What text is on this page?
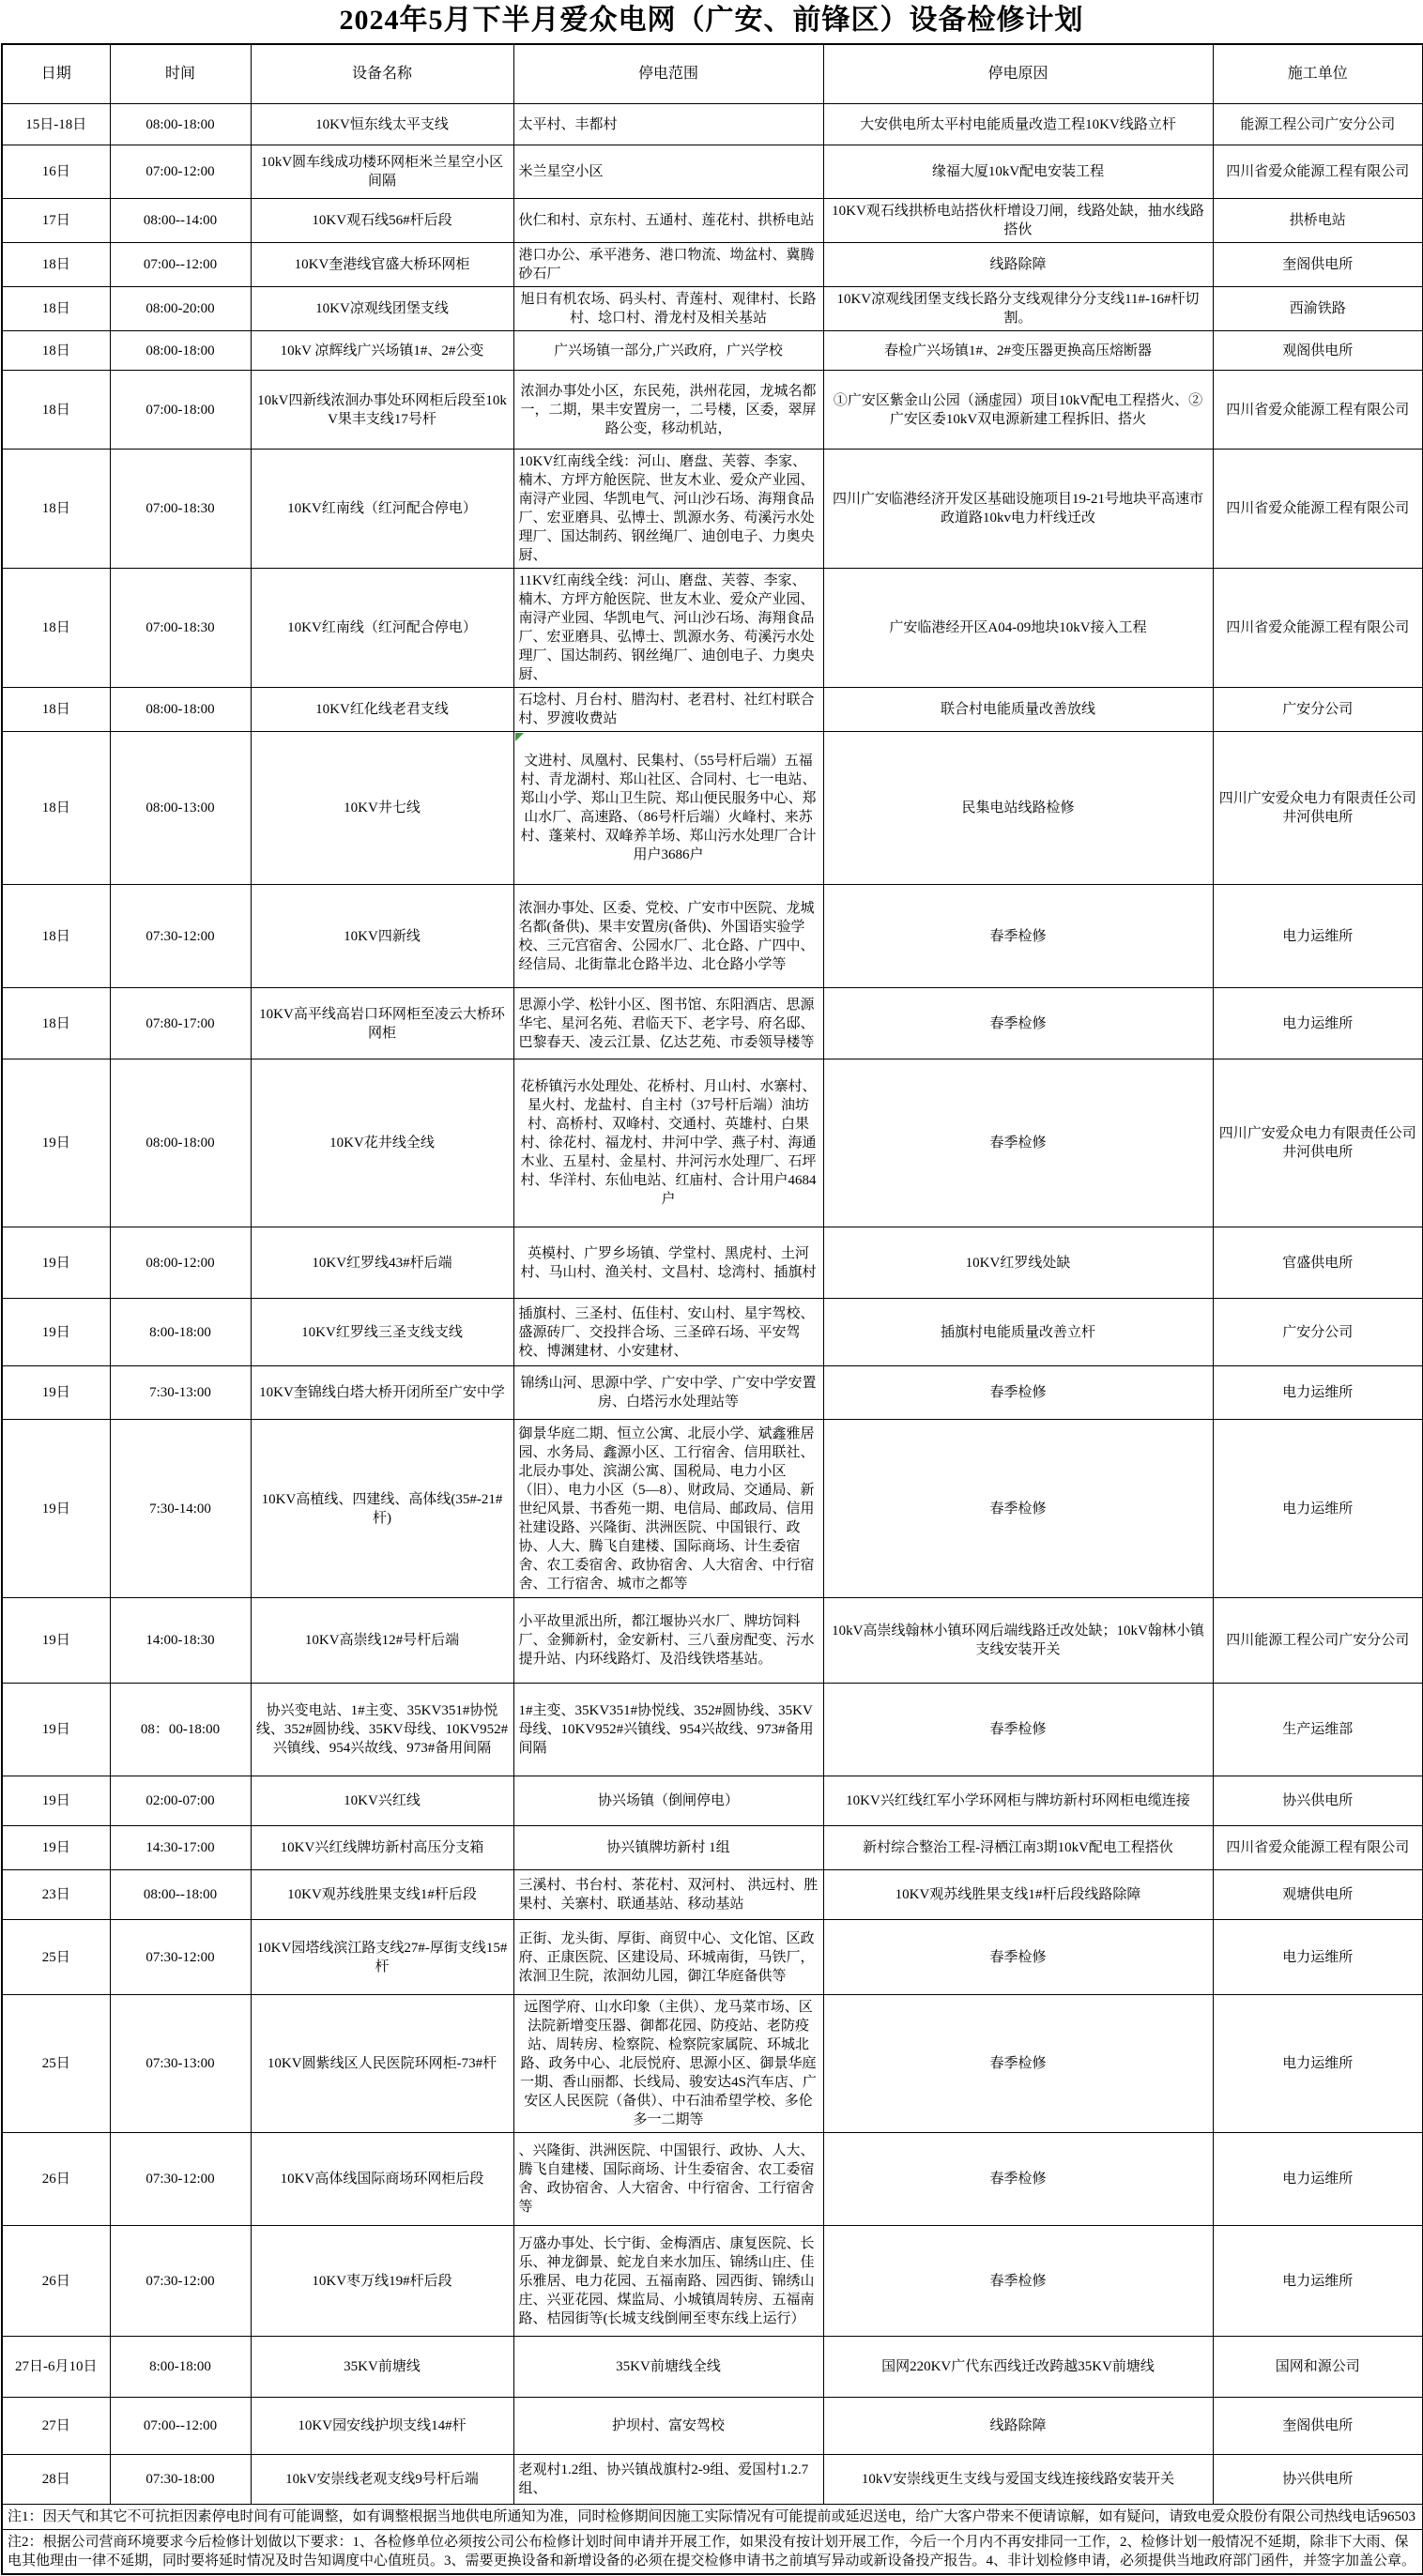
2024年5月下半月爱众电网（广安、前锋区）设备检修计划
日期	时间	设备名称	停电范围	停电原因	施工单位
15日-18日	08:00-18:00	10KV恒东线太平支线	太平村、丰都村	大安供电所太平村电能质量改造工程10KV线路立杆	能源工程公司广安分公司
16日	07:00-12:00	10kV圆车线成功楼环网柜米兰星空小区间隔	米兰星空小区	缘福大厦10kV配电安装工程	四川省爱众能源工程有限公司
17日	08:00--14:00	10KV观石线56#杆后段	伙仁和村、京东村、五通村、莲花村、拱桥电站	10KV观石线拱桥电站搭伙杆增设刀闸，线路处缺，抽水线路搭伙	拱桥电站
18日	07:00--12:00	10KV奎港线官盛大桥环网柜	港口办公、承平港务、港口物流、坳盆村、冀腾砂石厂	线路除障	奎阁供电所
18日	08:00-20:00	10KV凉观线团堡支线	旭日有机农场、码头村、青莲村、观律村、长路村、埝口村、滑龙村及相关基站	10KV凉观线团堡支线长路分支线观律分分支线11#-16#杆切割。	西渝铁路
18日	08:00-18:00	10kV 凉辉线广兴场镇1#、2#公变	广兴场镇一部分,广兴政府，广兴学校	春检广兴场镇1#、2#变压器更换高压熔断器	观阁供电所
18日	07:00-18:00	10kV四新线浓洄办事处环网柜后段至10kV果丰支线17号杆	浓洄办事处小区，东民苑，洪州花园，龙城名都一，二期，果丰安置房一，二号楼，区委，翠屏路公变，移动机站，	①广安区紫金山公园（涵虚园）项目10kV配电工程搭火、②广安区委10kV双电源新建工程拆旧、搭火	四川省爱众能源工程有限公司
18日	07:00-18:30	10KV红南线（红河配合停电）	10KV红南线全线：河山、磨盘、芙蓉、李家、楠木、方坪方舱医院、世友木业、爱众产业园、南浔产业园、华凯电气、河山沙石场、海翔食品厂、宏亚磨具、弘博士、凯源水务、苟溪污水处理厂、国达制药、钢丝绳厂、迪创电子、力奥央厨、	四川广安临港经济开发区基础设施项目19-21号地块平高速市政道路10kv电力杆线迁改	四川省爱众能源工程有限公司
18日	07:00-18:30	10KV红南线（红河配合停电）	11KV红南线全线：河山、磨盘、芙蓉、李家、楠木、方坪方舱医院、世友木业、爱众产业园、南浔产业园、华凯电气、河山沙石场、海翔食品厂、宏亚磨具、弘博士、凯源水务、苟溪污水处理厂、国达制药、钢丝绳厂、迪创电子、力奥央厨、	广安临港经开区A04-09地块10kV接入工程	四川省爱众能源工程有限公司
18日	08:00-18:00	10KV红化线老君支线	石埝村、月台村、腊沟村、老君村、社红村联合村、罗渡收费站	联合村电能质量改善放线	广安分公司
18日	08:00-13:00	10KV井七线	文进村、凤凰村、民集村、（55号杆后端）五福村、青龙湖村、郑山社区、合同村、七一电站、郑山小学、郑山卫生院、郑山便民服务中心、郑山水厂、高速路、（86号杆后端）火峰村、来苏村、蓬莱村、双峰养羊场、郑山污水处理厂合计用户3686户	民集电站线路检修	四川广安爱众电力有限责任公司井河供电所
18日	07:30-12:00	10KV四新线	浓洄办事处、区委、党校、广安市中医院、龙城名都(备供)、果丰安置房(备供)、外国语实验学校、三元宫宿舍、公园水厂、北仓路、广四中、经信局、北街靠北仓路半边、北仓路小学等	春季检修	电力运维所
18日	07:80-17:00	10KV高平线高岩口环网柜至凌云大桥环网柜	思源小学、松针小区、图书馆、东阳酒店、思源华宅、星河名苑、君临天下、老字号、府名邸、巴黎春天、凌云江景、亿达艺苑、市委领导楼等	春季检修	电力运维所
19日	08:00-18:00	10KV花井线全线	花桥镇污水处理处、花桥村、月山村、水寨村、星火村、龙盐村、自主村（37号杆后端）油坊村、高桥村、双峰村、交通村、英雄村、白果村、徐花村、福龙村、井河中学、燕子村、海通木业、五星村、金星村、井河污水处理厂、石坪村、华洋村、东仙电站、红庙村、合计用户4684户	春季检修	四川广安爱众电力有限责任公司井河供电所
19日	08:00-12:00	10KV红罗线43#杆后端	英模村、广罗乡场镇、学堂村、黑虎村、土河村、马山村、渔关村、文昌村、埝湾村、插旗村	10KV红罗线处缺	官盛供电所
19日	8:00-18:00	10KV红罗线三圣支线支线	插旗村、三圣村、伍佳村、安山村、星宇驾校、盛源砖厂、交投拌合场、三圣碎石场、平安驾校、博渊建材、小安建材、	插旗村电能质量改善立杆	广安分公司
19日	7:30-13:00	10KV奎锦线白塔大桥开闭所至广安中学	锦绣山河、思源中学、广安中学、广安中学安置房、白塔污水处理站等	春季检修	电力运维所
19日	7:30-14:00	10KV高植线、四建线、高体线(35#-21#杆)	御景华庭二期、恒立公寓、北辰小学、斌鑫雅居园、水务局、鑫源小区、工行宿舍、信用联社、北辰办事处、滨湖公寓、国税局、电力小区（旧）、电力小区（5—8）、财政局、交通局、新世纪风景、书香苑一期、电信局、邮政局、信用社建设路、兴隆街、洪洲医院、中国银行、政协、人大、腾飞自建楼、国际商场、计生委宿舍、农工委宿舍、政协宿舍、人大宿舍、中行宿舍、工行宿舍、城市之都等	春季检修	电力运维所
19日	14:00-18:30	10KV高崇线12#号杆后端	小平故里派出所，都江堰协兴水厂、牌坊饲料厂、金狮新村，金安新村、三八蚕房配变、污水提升站、内环线路灯、及沿线铁塔基站。	10kV高崇线翰林小镇环网后端线路迁改处缺；10kV翰林小镇支线安装开关	四川能源工程公司广安分公司
19日	08：00-18:00	协兴变电站、1#主变、35KV351#协悦线、352#圆协线、35KV母线、10KV952#兴镇线、954兴故线、973#备用间隔	1#主变、35KV351#协悦线、352#圆协线、35KV母线、10KV952#兴镇线、954兴故线、973#备用间隔	春季检修	生产运维部
19日	02:00-07:00	10KV兴红线	协兴场镇（倒闸停电）	10KV兴红线红军小学环网柜与牌坊新村环网柜电缆连接	协兴供电所
19日	14:30-17:00	10KV兴红线牌坊新村高压分支箱	协兴镇牌坊新村 1组	新村综合整治工程-浔栖江南3期10kV配电工程搭伙	四川省爱众能源工程有限公司
23日	08:00--18:00	10KV观苏线胜果支线1#杆后段	三溪村、书台村、茶花村、双河村、 洪远村、胜果村、关寨村、联通基站、移动基站	10KV观苏线胜果支线1#杆后段线路除障	观塘供电所
25日	07:30-12:00	10KV园塔线滨江路支线27#-厚街支线15#杆	正街、龙头街、厚街、商贸中心、文化馆、区政府、正康医院、区建设局、环城南街，马铁厂，浓洄卫生院，浓洄幼儿园，御江华庭备供等	春季检修	电力运维所
25日	07:30-13:00	10KV圆紫线区人民医院环网柜-73#杆	远图学府、山水印象（主供）、龙马菜市场、区法院新增变压器、御都花园、防疫站、老防疫站、周转房、检察院、检察院家属院、环城北路、政务中心、北辰悦府、思源小区、御景华庭一期、香山丽都、长线局、骏安达4S汽车店、广安区人民医院（备供）、中石油希望学校、多伦多一二期等	春季检修	电力运维所
26日	07:30-12:00	10KV高体线国际商场环网柜后段	、兴隆街、洪洲医院、中国银行、政协、人大、腾飞自建楼、国际商场、计生委宿舍、农工委宿舍、政协宿舍、人大宿舍、中行宿舍、工行宿舍等	春季检修	电力运维所
26日	07:30-12:00	10KV枣万线19#杆后段	万盛办事处、长宁街、金梅酒店、康复医院、长乐、神龙御景、蛇龙自来水加压、锦绣山庄、佳乐雅居、电力花园、五福南路、园西街、锦绣山庄、兴亚花园、煤监局、小城镇周转房、五福南路、桔园街等(长城支线倒闸至枣东线上运行）	春季检修	电力运维所
27日-6月10日	8:00-18:00	35KV前塘线	35KV前塘线全线	国网220KV广代东西线迁改跨越35KV前塘线	国网和源公司
27日	07:00--12:00	10KV园安线护坝支线14#杆	护坝村、富安驾校	线路除障	奎阁供电所
28日	07:30-18:00	10kV安崇线老观支线9号杆后端	老观村1.2组、协兴镇战旗村2-9组、爱国村1.2.7组、	10kV安崇线更生支线与爱国支线连接线路安装开关	协兴供电所
注1：因天气和其它不可抗拒因素停电时间有可能调整，如有调整根据当地供电所通知为准，同时检修期间因施工实际情况有可能提前或延迟送电，给广大客户带来不便请谅解，如有疑问，请致电爱众股份有限公司热线电话96503					
注2：根据公司营商环境要求今后检修计划做以下要求：1、各检修单位必须按公司公布检修计划时间申请并开展工作，如果没有按计划开展工作，今后一个月内不再安排同一工作，2、检修计划一般情况不延期，除非下大雨、保电其他理由一律不延期，同时要将延时情况及时告知调度中心值班员。3、需要更换设备和新增设备的必须在提交检修申请书之前填写异动或新设备投产报告。4、非计划检修申请，必须提供当地政府部门函件，并签字加盖公章。					
